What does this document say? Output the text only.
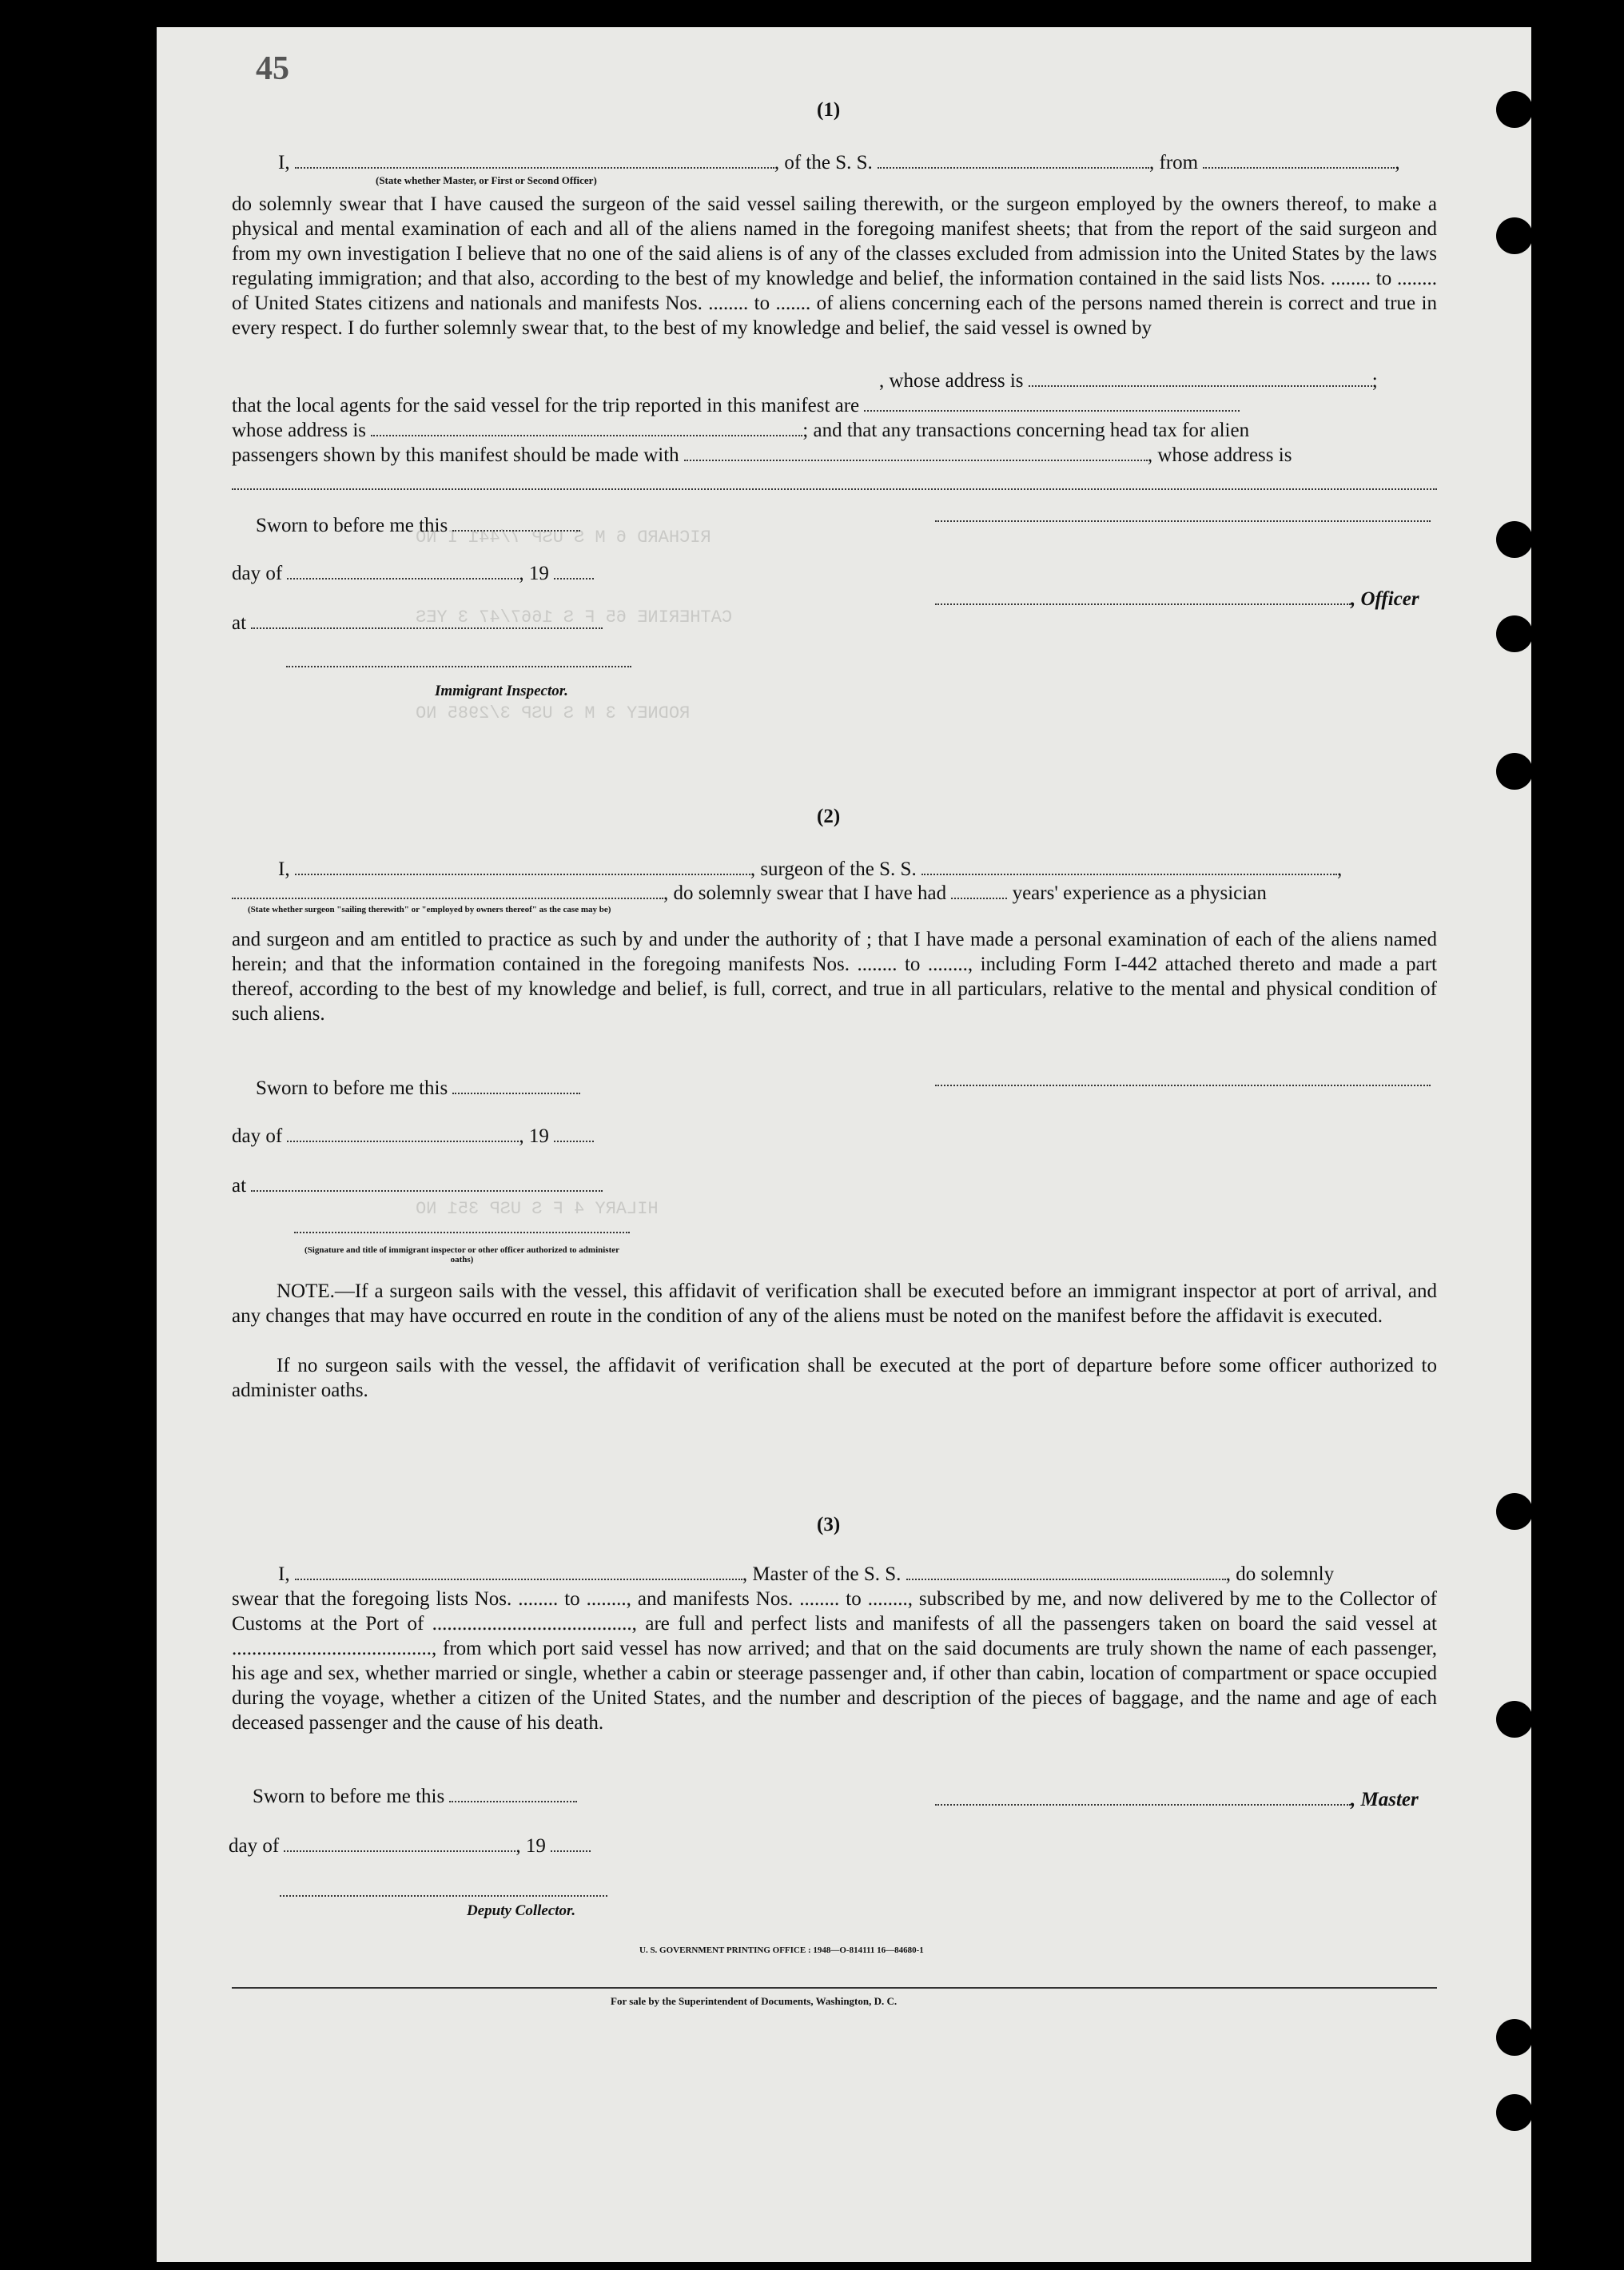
RICHARD 6 M S USP 7/441 I NO
CATHERINE 65 F S 1667/47 3 YES
RODNEY 3 M S USP 3/2985 NO
HILARY 4 F S USP 351 NO
45
(1)
I,	, of the S. S.	, from	,
(State whether Master, or First or Second Officer)
do solemnly swear that I have caused the surgeon of the said vessel sailing therewith, or the surgeon employed by the owners thereof, to make a physical and mental examination of each and all of the aliens named in the foregoing manifest sheets; that from the report of the said surgeon and from my own investigation I believe that no one of the said aliens is of any of the classes excluded from admission into the United States by the laws regulating immigration; and that also, according to the best of my knowledge and belief, the information contained in the said lists Nos. ........ to ........ of United States citizens and nationals and manifests Nos. ........ to ....... of aliens concerning each of the persons named therein is correct and true in every respect. I do further solemnly swear that, to the best of my knowledge and belief, the said vessel is owned by
, whose address is	;
that the local agents for the said vessel for the trip reported in this manifest are
whose address is	; and that any transactions concerning head tax for alien
passengers shown by this manifest should be made with	, whose address is
Sworn to before me this
day of	, 19
at
, Officer
Immigrant Inspector.
(2)
I,	, surgeon of the S. S.	,
, do solemnly swear that I have had	years' experience as a physician
(State whether surgeon "sailing therewith" or "employed by owners thereof" as the case may be)
and surgeon and am entitled to practice as such by and under the authority of ; that I have made a personal examination of each of the aliens named herein; and that the information contained in the foregoing manifests Nos. ........ to ........, including Form I-442 attached thereto and made a part thereof, according to the best of my knowledge and belief, is full, correct, and true in all particulars, relative to the mental and physical condition of such aliens.
Sworn to before me this
day of	, 19
at
(Signature and title of immigrant inspector or other officer authorized to administer oaths)
NOTE.—If a surgeon sails with the vessel, this affidavit of verification shall be executed before an immigrant inspector at port of arrival, and any changes that may have occurred en route in the condition of any of the aliens must be noted on the manifest before the affidavit is executed.
If no surgeon sails with the vessel, the affidavit of verification shall be executed at the port of departure before some officer authorized to administer oaths.
(3)
I,	, Master of the S. S.	, do solemnly
swear that the foregoing lists Nos. ........ to ........, and manifests Nos. ........ to ........, subscribed by me, and now delivered by me to the Collector of Customs at the Port of ........................................, are full and perfect lists and manifests of all the passengers taken on board the said vessel at ........................................, from which port said vessel has now arrived; and that on the said documents are truly shown the name of each passenger, his age and sex, whether married or single, whether a cabin or steerage passenger and, if other than cabin, location of compartment or space occupied during the voyage, whether a citizen of the United States, and the number and description of the pieces of baggage, and the name and age of each deceased passenger and the cause of his death.
Sworn to before me this	, Master
day of	, 19
Deputy Collector.
U. S. GOVERNMENT PRINTING OFFICE : 1948—O-814111 16—84680-1
For sale by the Superintendent of Documents, Washington, D. C.
